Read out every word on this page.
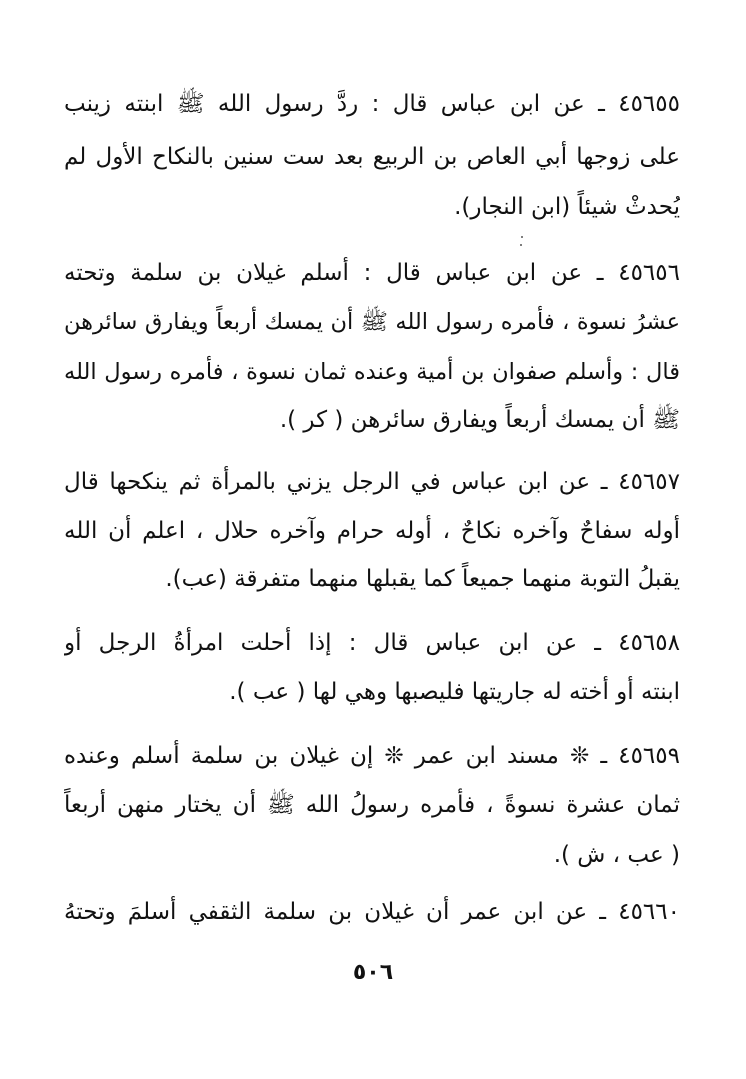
٤٥٦٥٥ ـ عن ابن عباس قال : ردَّ رسول الله ﷺ ابنته زينب
على زوجها أبي العاص بن الربيع بعد ست سنين بالنكاح الأول لم
يُحدثْ شيئاً (ابن النجار).
٤٥٦٥٦ ـ عن ابن عباس قال : أسلم غيلان بن سلمة وتحته
عشرُ نسوة ، فأمره رسول الله ﷺ أن يمسك أربعاً ويفارق سائرهن
قال : وأسلم صفوان بن أمية وعنده ثمان نسوة ، فأمره رسول الله
ﷺ أن يمسك أربعاً ويفارق سائرهن ( كر ).
٤٥٦٥٧ ـ عن ابن عباس في الرجل يزني بالمرأة ثم ينكحها قال
أوله سفاحٌ وآخره نكاحٌ ، أوله حرام وآخره حلال ، اعلم أن الله
يقبلُ التوبة منهما جميعاً كما يقبلها منهما متفرقة (عب).
٤٥٦٥٨ ـ عن ابن عباس قال : إذا أحلت امرأةُ الرجل أو
ابنته أو أخته له جاريتها فليصبها وهي لها ( عب ).
٤٥٦٥٩ ـ ❊ مسند ابن عمر ❊ إن غيلان بن سلمة أسلم وعنده
ثمان عشرة نسوةً ، فأمره رسولُ الله ﷺ أن يختار منهن أربعاً
( عب ، ش ).
٤٥٦٦٠ ـ عن ابن عمر أن غيلان بن سلمة الثقفي أسلمَ وتحتهُ
٥٠٦
